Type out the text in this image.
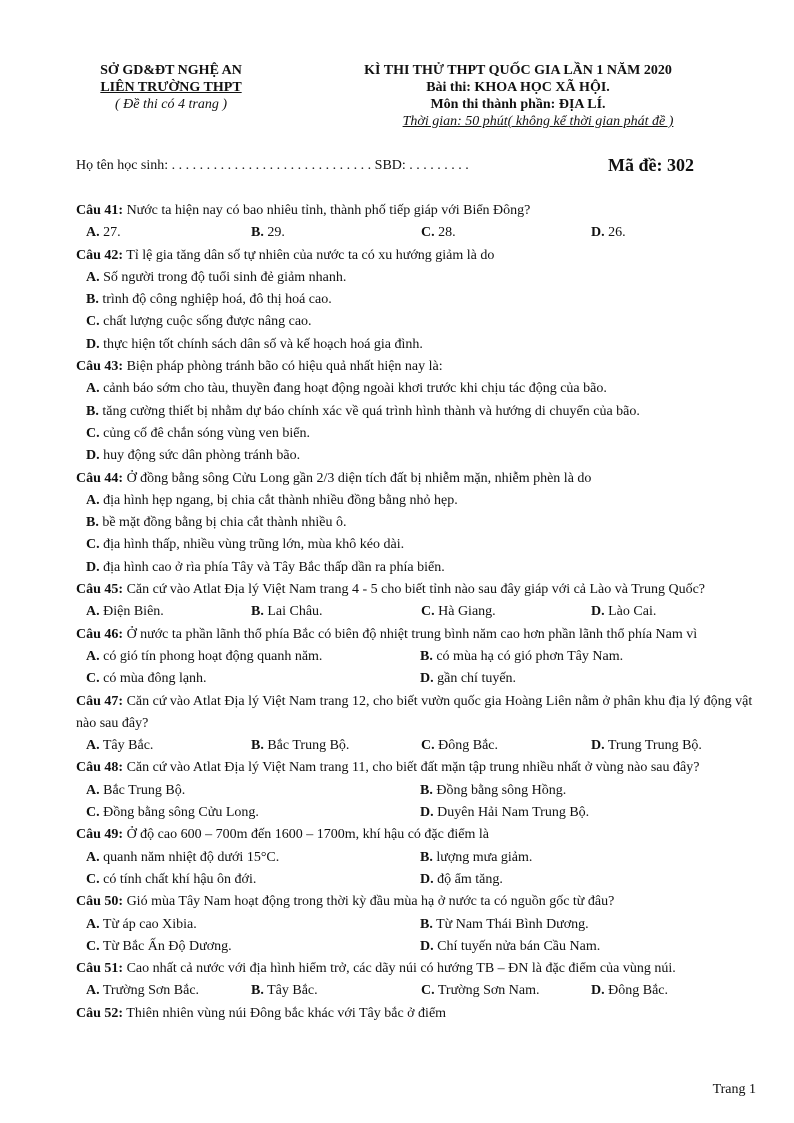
SỞ GD&ĐT NGHỆ AN
LIÊN TRƯỜNG THPT
( Đề thi có 4 trang )
KÌ THI THỬ THPT QUỐC GIA LẦN 1 NĂM 2020
Bài thi: KHOA HỌC XÃ HỘI.
Môn thi thành phần: ĐỊA LÍ.
Thời gian: 50 phút( không kể thời gian phát đề )
Họ tên học sinh: . . . . . . . . . . . . . . . . . . . . . . . . . . . . . SBD: . . . . . . . . .	Mã đề: 302
Câu 41: Nước ta hiện nay có bao nhiêu tỉnh, thành phố tiếp giáp với Biển Đông?
A. 27.	B. 29.	C. 28.	D. 26.
Câu 42: Tỉ lệ gia tăng dân số tự nhiên của nước ta có xu hướng giảm là do
A. Số người trong độ tuổi sinh đẻ giảm nhanh.
B. trình độ công nghiệp hoá, đô thị hoá cao.
C. chất lượng cuộc sống được nâng cao.
D. thực hiện tốt chính sách dân số và kế hoạch hoá gia đình.
Câu 43: Biện pháp phòng tránh bão có hiệu quả nhất hiện nay là:
A. cảnh báo sớm cho tàu, thuyền đang hoạt động ngoài khơi trước khi chịu tác động của bão.
B. tăng cường thiết bị nhằm dự báo chính xác về quá trình hình thành và hướng di chuyển của bão.
C. củng cố đê chắn sóng vùng ven biển.
D. huy động sức dân phòng tránh bão.
Câu 44: Ở đồng bằng sông Cửu Long gần 2/3 diện tích đất bị nhiễm mặn, nhiễm phèn là do
A. địa hình hẹp ngang, bị chia cắt thành nhiều đồng bằng nhỏ hẹp.
B. bề mặt đồng bằng bị chia cắt thành nhiều ô.
C. địa hình thấp, nhiều vùng trũng lớn, mùa khô kéo dài.
D. địa hình cao ở rìa phía Tây và Tây Bắc thấp dần ra phía biển.
Câu 45: Căn cứ vào Atlat Địa lý Việt Nam trang 4 - 5 cho biết tỉnh nào sau đây giáp với cả Lào và Trung Quốc?
A. Điện Biên.	B. Lai Châu.	C. Hà Giang.	D. Lào Cai.
Câu 46: Ở nước ta phần lãnh thổ phía Bắc có biên độ nhiệt trung bình năm cao hơn phần lãnh thổ phía Nam vì
A. có gió tín phong hoạt động quanh năm.	B. có mùa hạ có gió phơn Tây Nam.
C. có mùa đông lạnh.	D. gần chí tuyến.
Câu 47: Căn cứ vào Atlat Địa lý Việt Nam trang 12, cho biết vườn quốc gia Hoàng Liên nằm ở phân khu địa lý động vật nào sau đây?
A. Tây Bắc.	B. Bắc Trung Bộ.	C. Đông Bắc.	D. Trung Trung Bộ.
Câu 48: Căn cứ vào Atlat Địa lý Việt Nam trang 11, cho biết đất mặn tập trung nhiều nhất ở vùng nào sau đây?
A. Bắc Trung Bộ.	B. Đồng bằng sông Hồng.
C. Đồng bằng sông Cửu Long.	D. Duyên Hải Nam Trung Bộ.
Câu 49: Ở độ cao 600 – 700m đến 1600 – 1700m, khí hậu có đặc điểm là
A. quanh năm nhiệt độ dưới 15°C.	B. lượng mưa giảm.
C. có tính chất khí hậu ôn đới.	D. độ ẩm tăng.
Câu 50: Gió mùa Tây Nam hoạt động trong thời kỳ đầu mùa hạ ở nước ta có nguồn gốc từ đâu?
A. Từ áp cao Xibia.	B. Từ Nam Thái Bình Dương.
C. Từ Bắc Ấn Độ Dương.	D. Chí tuyến nửa bán Cầu Nam.
Câu 51: Cao nhất cả nước với địa hình hiểm trở, các dãy núi có hướng TB – ĐN là đặc điểm của vùng núi.
A. Trường Sơn Bắc.	B. Tây Bắc.	C. Trường Sơn Nam.	D. Đông Bắc.
Câu 52: Thiên nhiên vùng núi Đông bắc khác với Tây bắc ở điểm
Trang 1
